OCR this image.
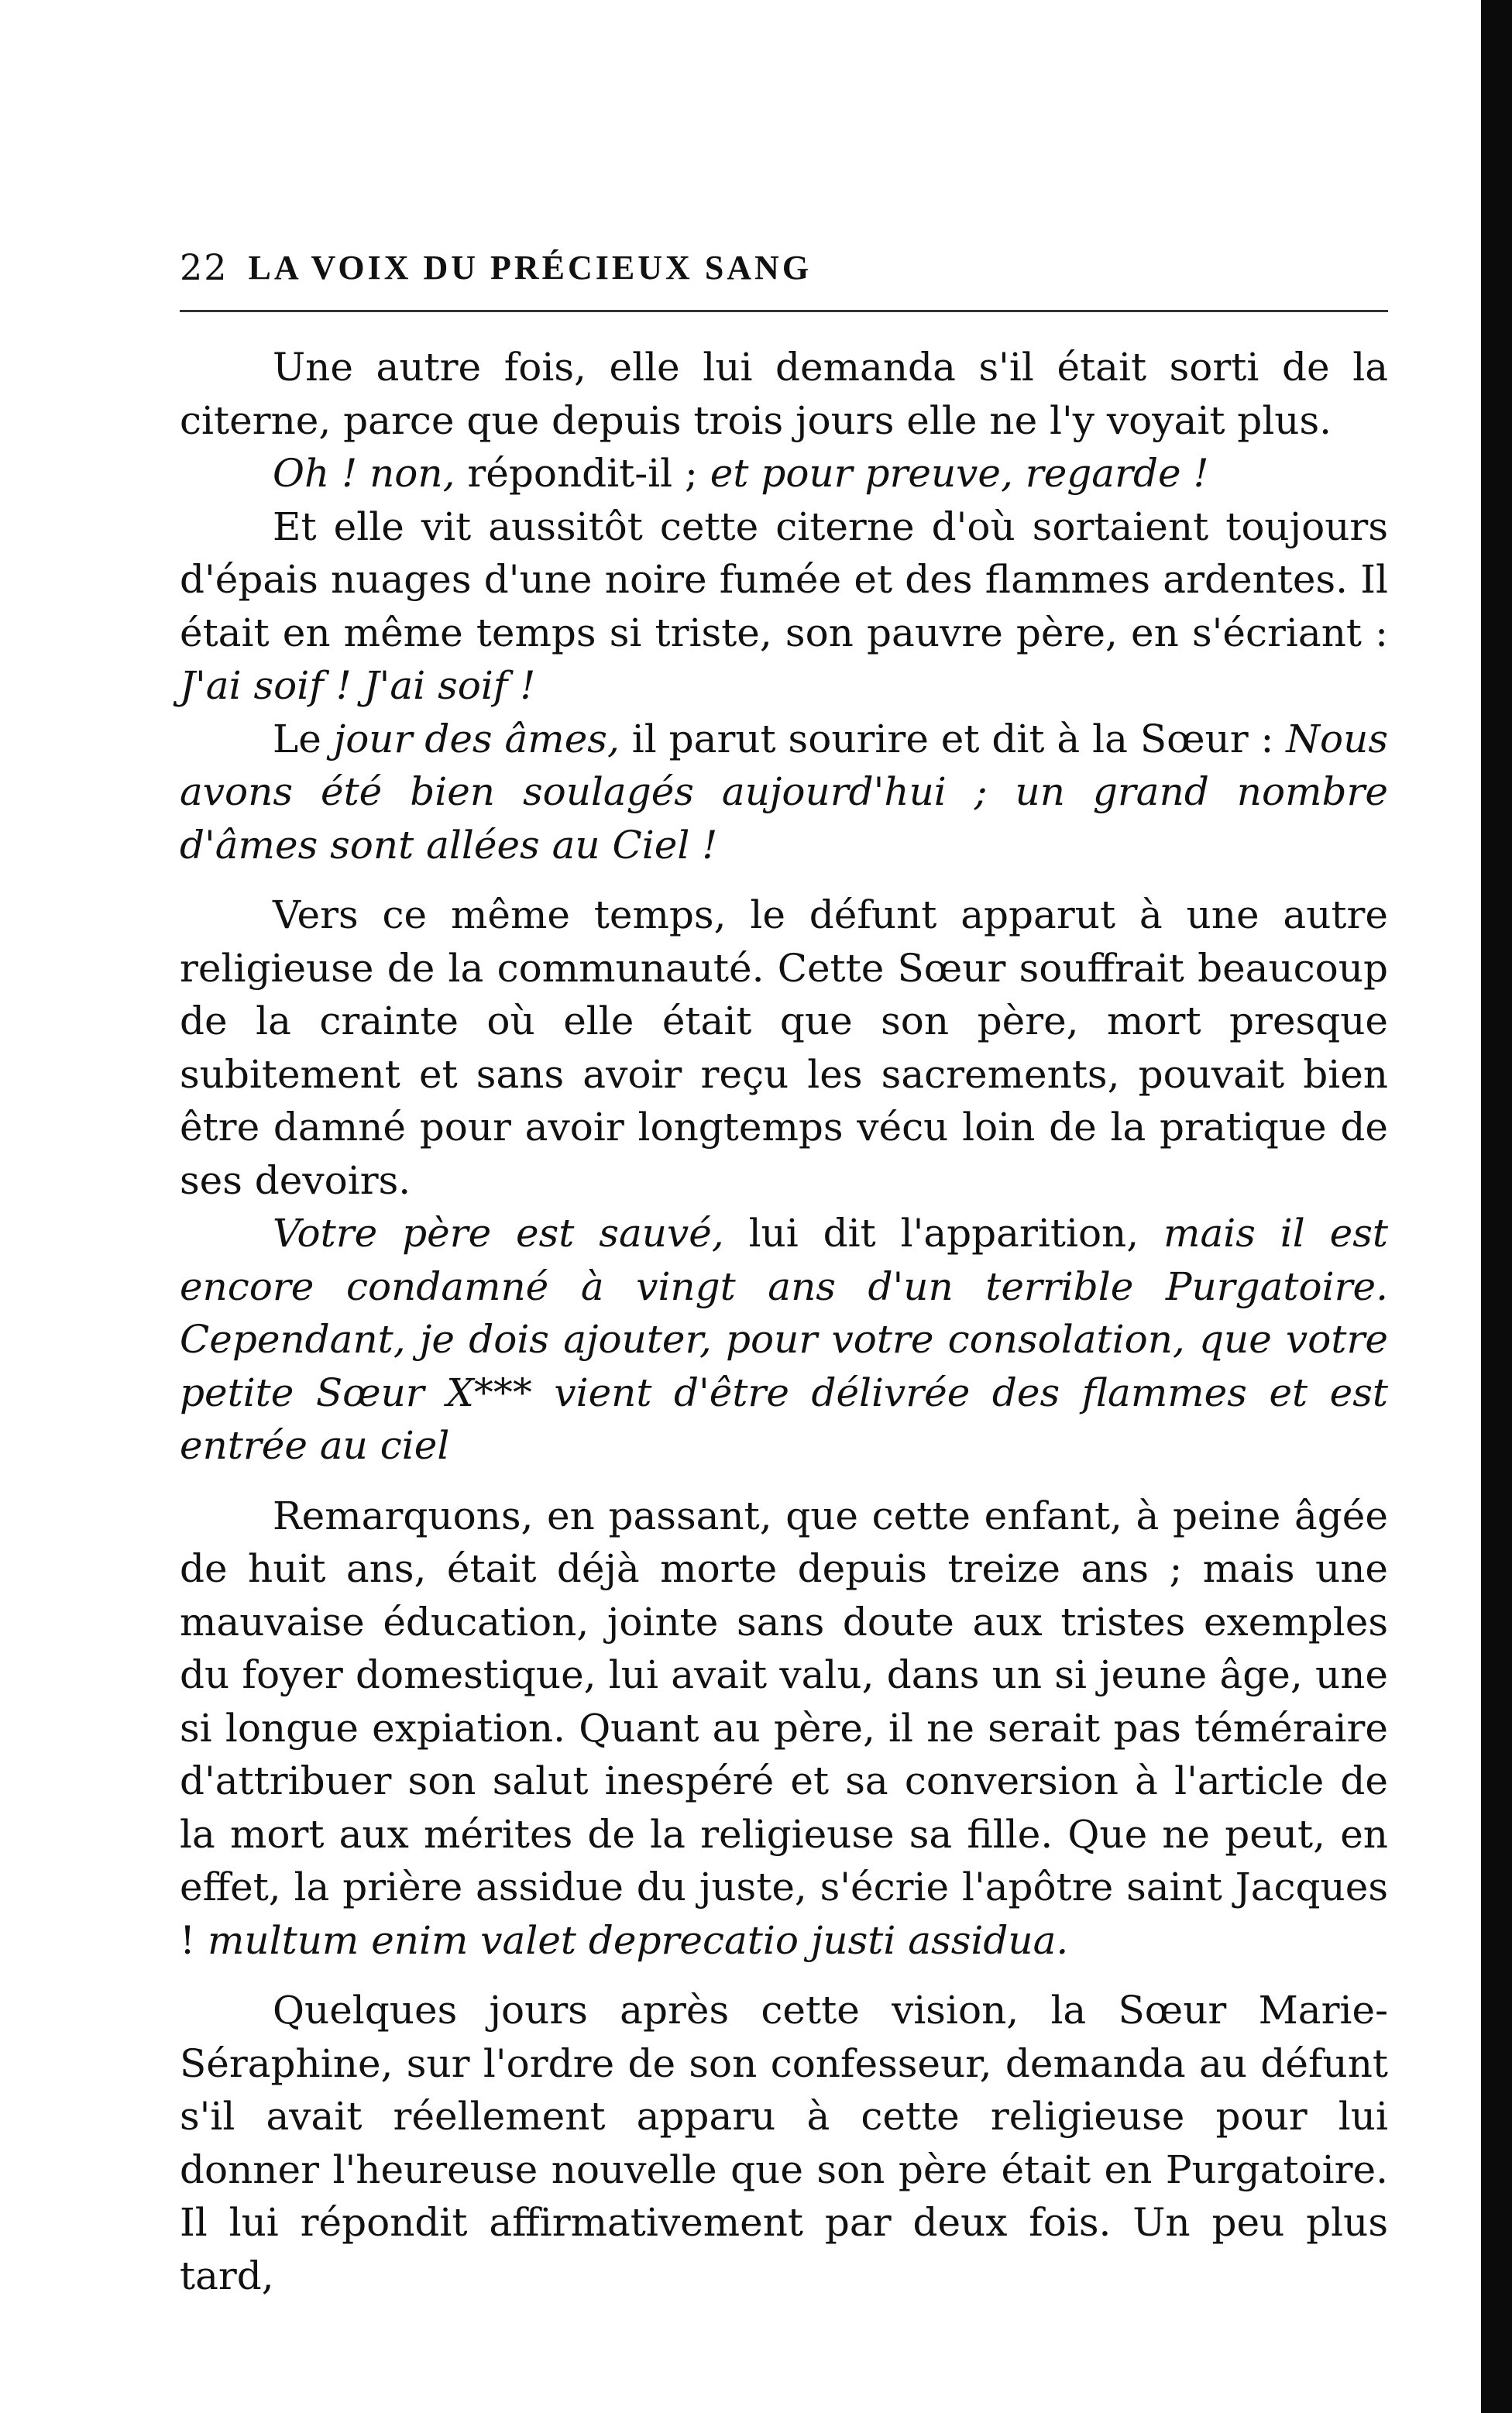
22 LA VOIX DU PRÉCIEUX SANG

Une autre fois, elle lui demanda s'il était sorti de la citerne, parce que depuis trois jours elle ne l'y voyait plus.

Oh ! non, répondit-il ; et pour preuve, regarde !

Et elle vit aussitôt cette citerne d'où sortaient toujours d'épais nuages d'une noire fumée et des flammes ardentes. Il était en même temps si triste, son pauvre père, en s'écriant : J'ai soif ! J'ai soif !

Le jour des âmes, il parut sourire et dit à la Sœur : Nous avons été bien soulagés aujourd'hui ; un grand nombre d'âmes sont allées au Ciel !

Vers ce même temps, le défunt apparut à une autre religieuse de la communauté. Cette Sœur souffrait beaucoup de la crainte où elle était que son père, mort presque subitement et sans avoir reçu les sacrements, pouvait bien être damné pour avoir longtemps vécu loin de la pratique de ses devoirs.

Votre père est sauvé, lui dit l'apparition, mais il est encore condamné à vingt ans d'un terrible Purgatoire. Cependant, je dois ajouter, pour votre consolation, que votre petite Sœur X*** vient d'être délivrée des flammes et est entrée au ciel

Remarquons, en passant, que cette enfant, à peine âgée de huit ans, était déjà morte depuis treize ans ; mais une mauvaise éducation, jointe sans doute aux tristes exemples du foyer domestique, lui avait valu, dans un si jeune âge, une si longue expiation. Quant au père, il ne serait pas téméraire d'attribuer son salut inespéré et sa conversion à l'article de la mort aux mérites de la religieuse sa fille. Que ne peut, en effet, la prière assidue du juste, s'écrie l'apôtre saint Jacques ! multum enim valet deprecatio justi assidua.

Quelques jours après cette vision, la Sœur Marie-Séraphine, sur l'ordre de son confesseur, demanda au défunt s'il avait réellement apparu à cette religieuse pour lui donner l'heureuse nouvelle que son père était en Purgatoire. Il lui répondit affirmativement par deux fois. Un peu plus tard,
